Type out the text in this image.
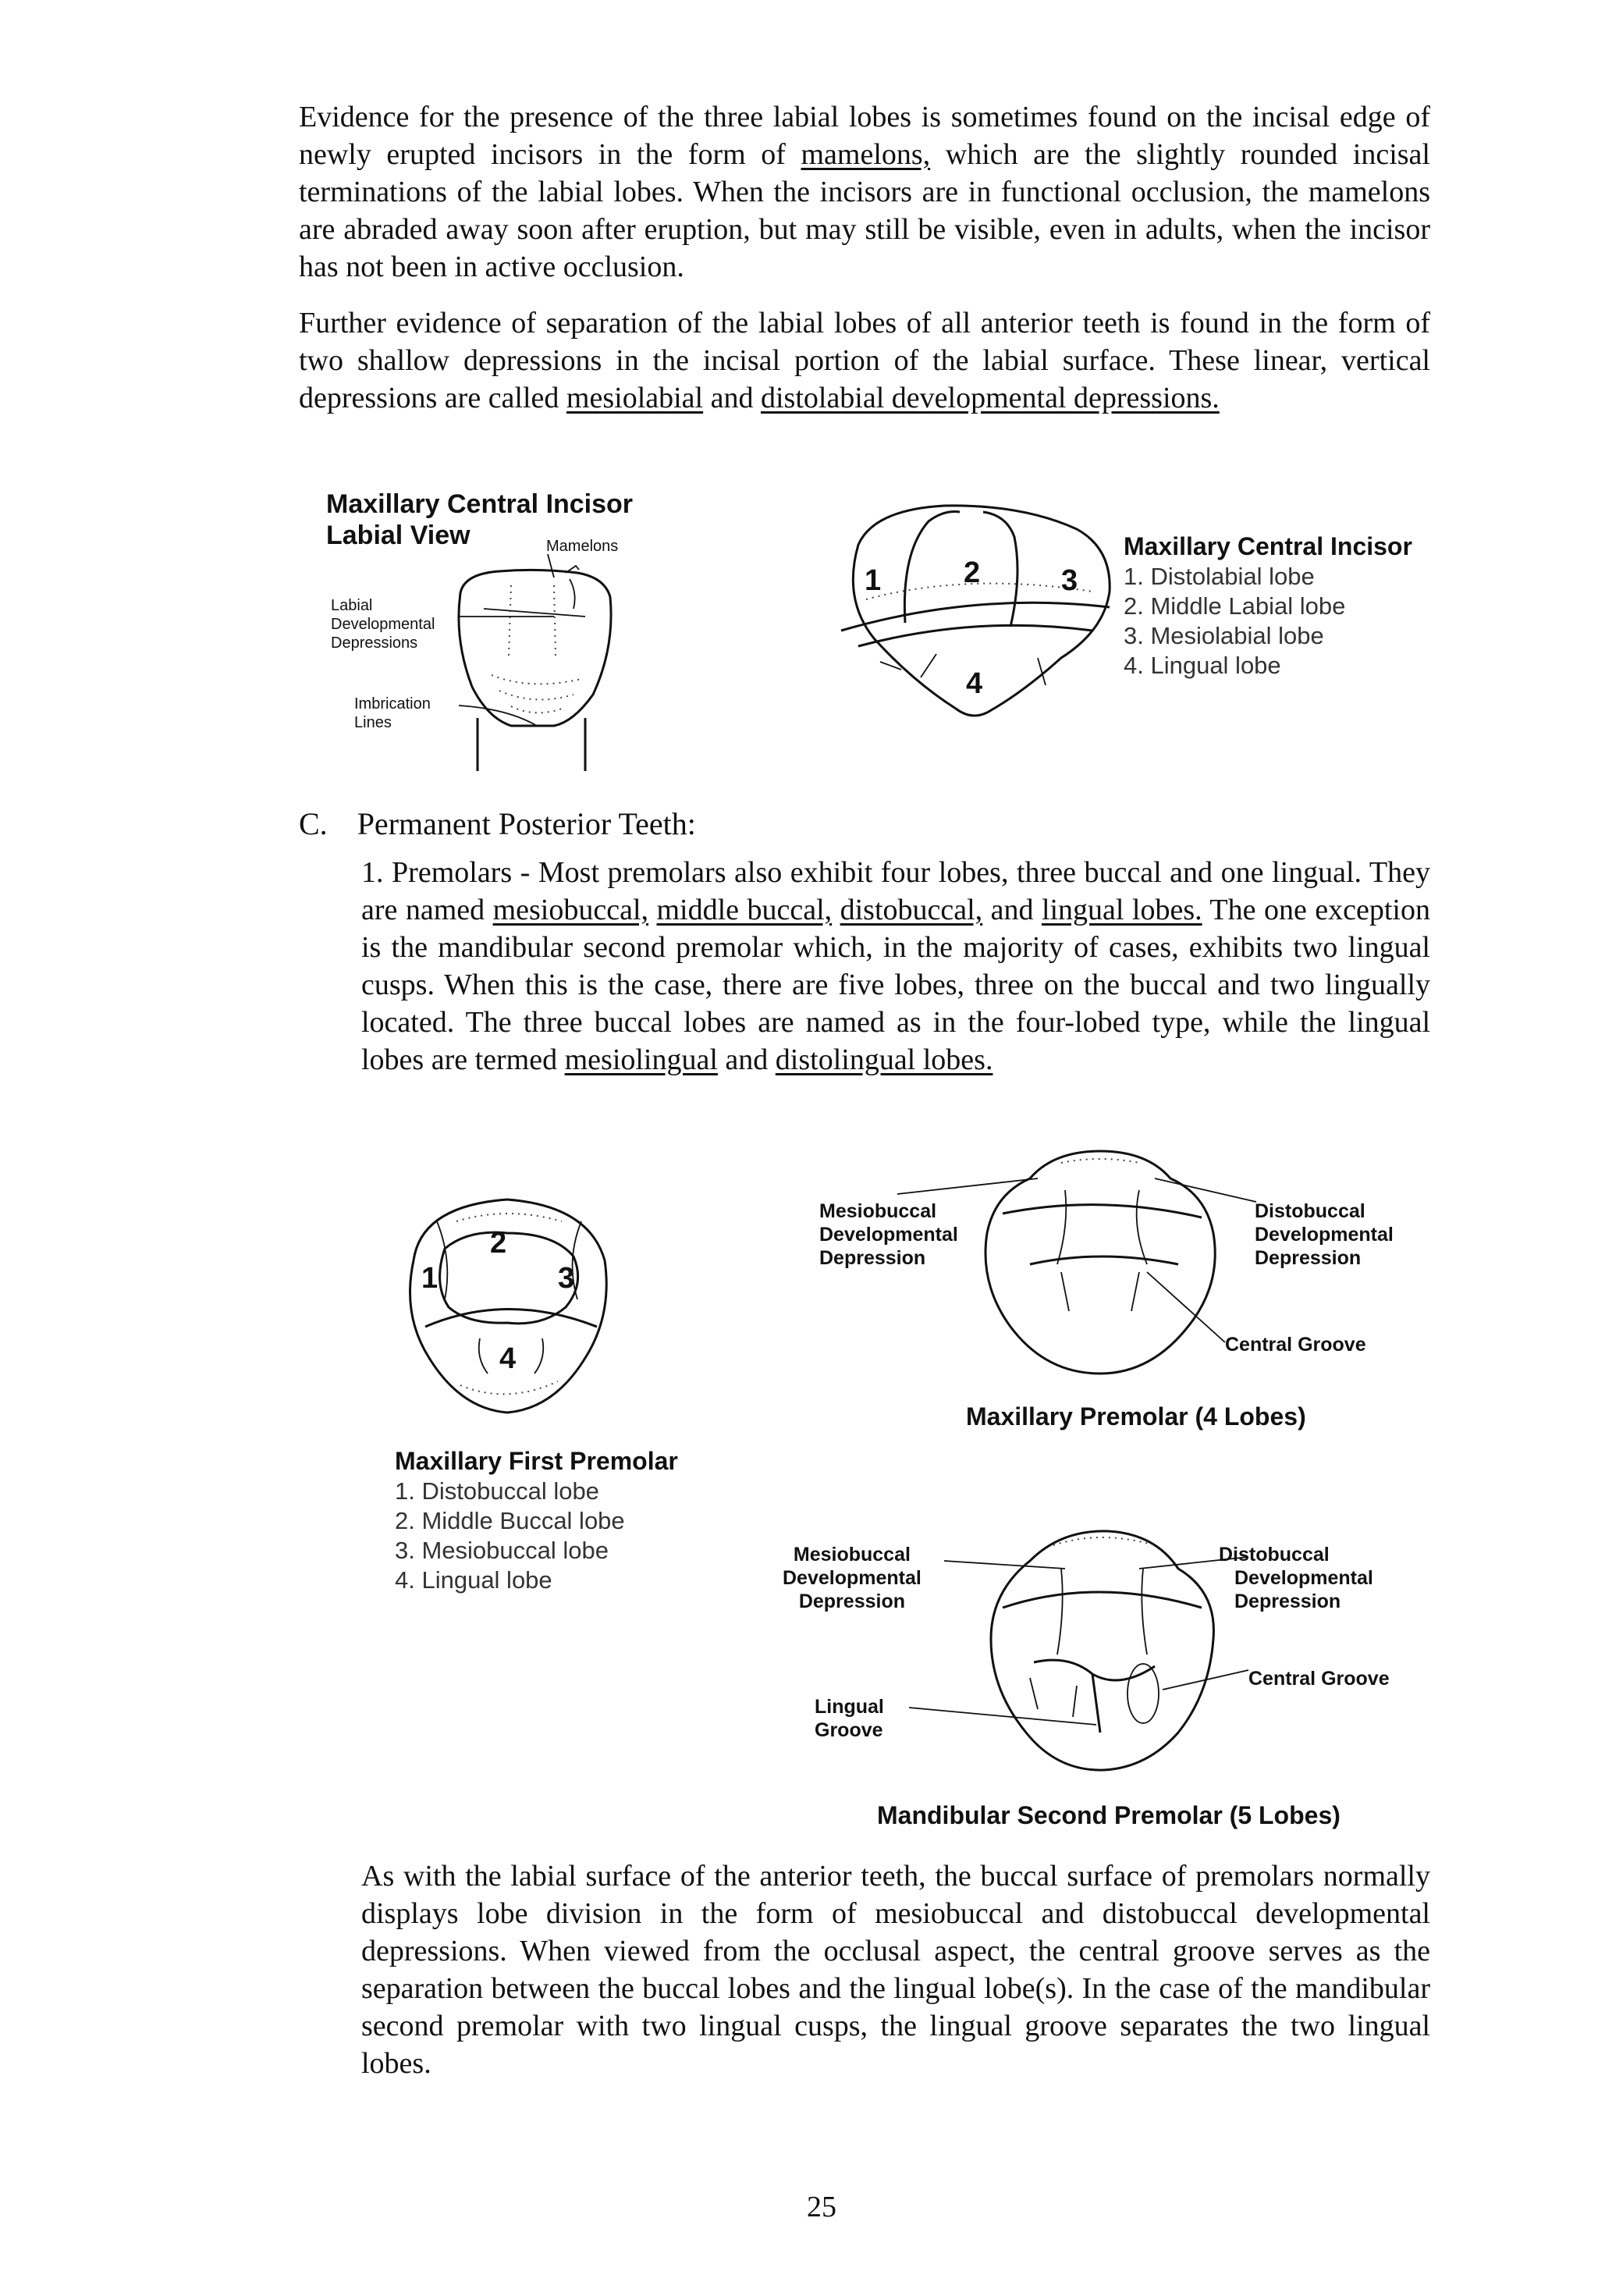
Evidence for the presence of the three labial lobes is sometimes found on the incisal edge of newly erupted incisors in the form of mamelons, which are the slightly rounded incisal terminations of the labial lobes. When the incisors are in functional occlusion, the mamelons are abraded away soon after eruption, but may still be visible, even in adults, when the incisor has not been in active occlusion.

Further evidence of separation of the labial lobes of all anterior teeth is found in the form of two shallow depressions in the incisal portion of the labial surface. These linear, vertical depressions are called mesiolabial and distolabial developmental depressions.

Maxillary Central Incisor
Labial View	Mamelons
Labial
Developmental
Depressions
Imbrication
Lines
1	2	3
4
Maxillary Central Incisor
1. Distolabial lobe
2. Middle Labial lobe
3. Mesiolabial lobe
4. Lingual lobe
C. Permanent Posterior Teeth:

1. Premolars - Most premolars also exhibit four lobes, three buccal and one lingual. They are named mesiobuccal, middle buccal, distobuccal, and lingual lobes. The one exception is the mandibular second premolar which, in the majority of cases, exhibits two lingual cusps. When this is the case, there are five lobes, three on the buccal and two lingually located. The three buccal lobes are named as in the four-lobed type, while the lingual lobes are termed mesiolingual and distolingual lobes.

2
1	3
4
Maxillary First Premolar
1. Distobuccal lobe
2. Middle Buccal lobe
3. Mesiobuccal lobe
4. Lingual lobe
Mesiobuccal
Developmental
Depression
Distobuccal
Developmental
Depression
Central Groove
Maxillary Premolar (4 Lobes)
Mesiobuccal
Developmental
Depression
Distobuccal
Developmental
Depression
Central Groove
Lingual
Groove
Mandibular Second Premolar (5 Lobes)

As with the labial surface of the anterior teeth, the buccal surface of premolars normally displays lobe division in the form of mesiobuccal and distobuccal developmental depressions. When viewed from the occlusal aspect, the central groove serves as the separation between the buccal lobes and the lingual lobe(s). In the case of the mandibular second premolar with two lingual cusps, the lingual groove separates the two lingual lobes.

25
